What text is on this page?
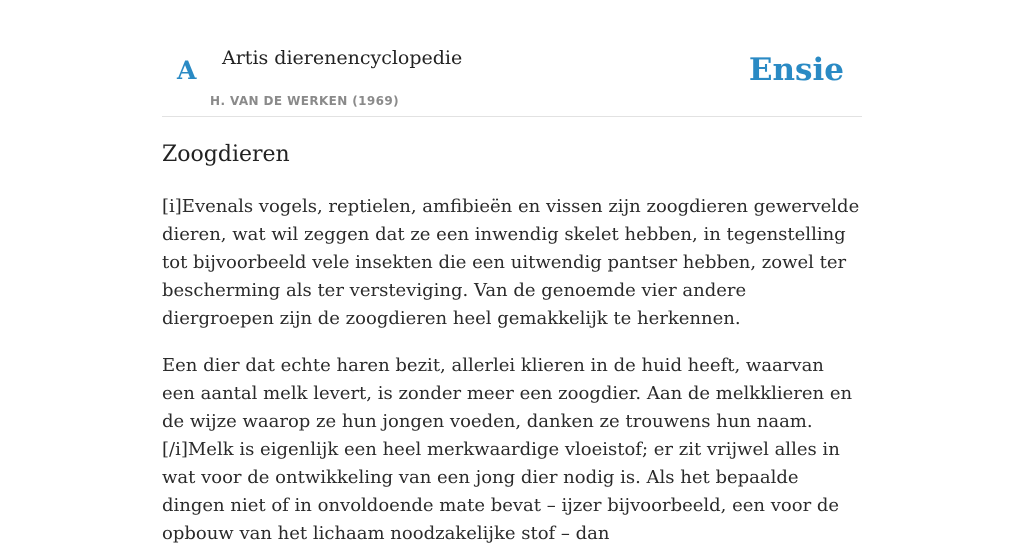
A Artis dierenencyclopedie
H. VAN DE WERKEN (1969)
Ensie
Zoogdieren

[i]Evenals vogels, reptielen, amfibieën en vissen zijn zoogdieren gewervelde dieren, wat wil zeggen dat ze een inwendig skelet hebben, in tegenstelling tot bijvoorbeeld vele insekten die een uitwendig pantser hebben, zowel ter bescherming als ter versteviging. Van de genoemde vier andere diergroepen zijn de zoogdieren heel gemakkelijk te herkennen.

Een dier dat echte haren bezit, allerlei klieren in de huid heeft, waarvan een aantal melk levert, is zonder meer een zoogdier. Aan de melkklieren en de wijze waarop ze hun jongen voeden, danken ze trouwens hun naam.[/i]Melk is eigenlijk een heel merkwaardige vloeistof; er zit vrijwel alles in wat voor de ontwikkeling van een jong dier nodig is. Als het bepaalde dingen niet of in onvoldoende mate bevat – ijzer bijvoorbeeld, een voor de opbouw van het lichaam noodzakelijke stof – dan
